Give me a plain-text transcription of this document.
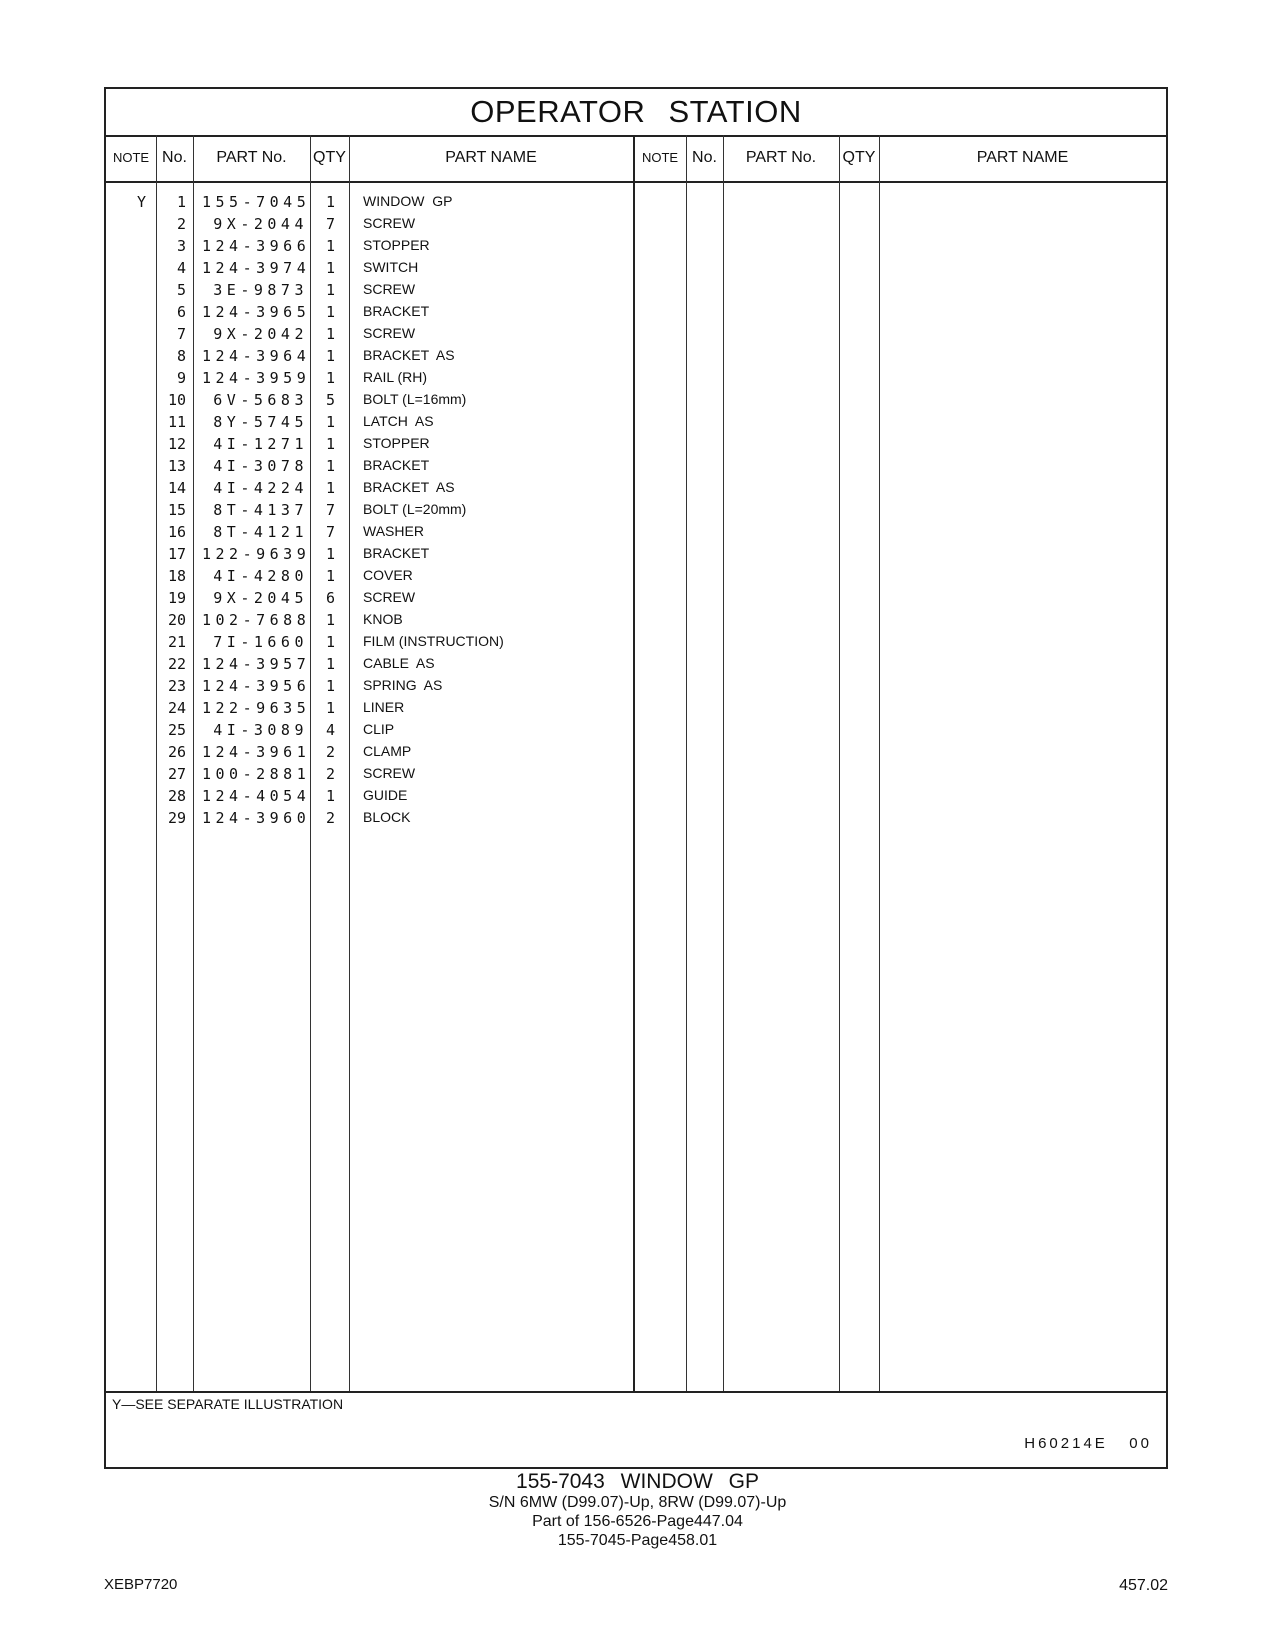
OPERATOR STATION
NOTE No.	PART No.	QTY	PART NAME	NOTE No.	PART No.	QTY	PART NAME
Y	1 155-7045	1 WINDOW  GP
2	9X-2044	7 SCREW
3 124-3966	1 STOPPER
4 124-3974	1 SWITCH
5	3E-9873	1 SCREW
6 124-3965	1 BRACKET
7	9X-2042	1 SCREW
8 124-3964	1 BRACKET  AS
9 124-3959	1 RAIL (RH)
10	6V-5683	5 BOLT (L=16mm)
11	8Y-5745	1 LATCH  AS
12	4I-1271	1 STOPPER
13	4I-3078	1 BRACKET
14	4I-4224	1 BRACKET  AS
15	8T-4137	7 BOLT (L=20mm)
16	8T-4121	7 WASHER
17 122-9639	1 BRACKET
18	4I-4280	1 COVER
19	9X-2045	6 SCREW
20 102-7688	1 KNOB
21	7I-1660	1 FILM (INSTRUCTION)
22 124-3957	1 CABLE  AS
23 124-3956	1 SPRING  AS
24 122-9635	1 LINER
25	4I-3089	4 CLIP
26 124-3961	2 CLAMP
27 100-2881	2 SCREW
28 124-4054	1 GUIDE
29 124-3960	2 BLOCK
Y—SEE SEPARATE ILLUSTRATION
H60214E   00
155-7043 WINDOW GP
S/N 6MW (D99.07)-Up, 8RW (D99.07)-Up
Part of 156-6526-Page447.04
155-7045-Page458.01
XEBP7720	457.02
